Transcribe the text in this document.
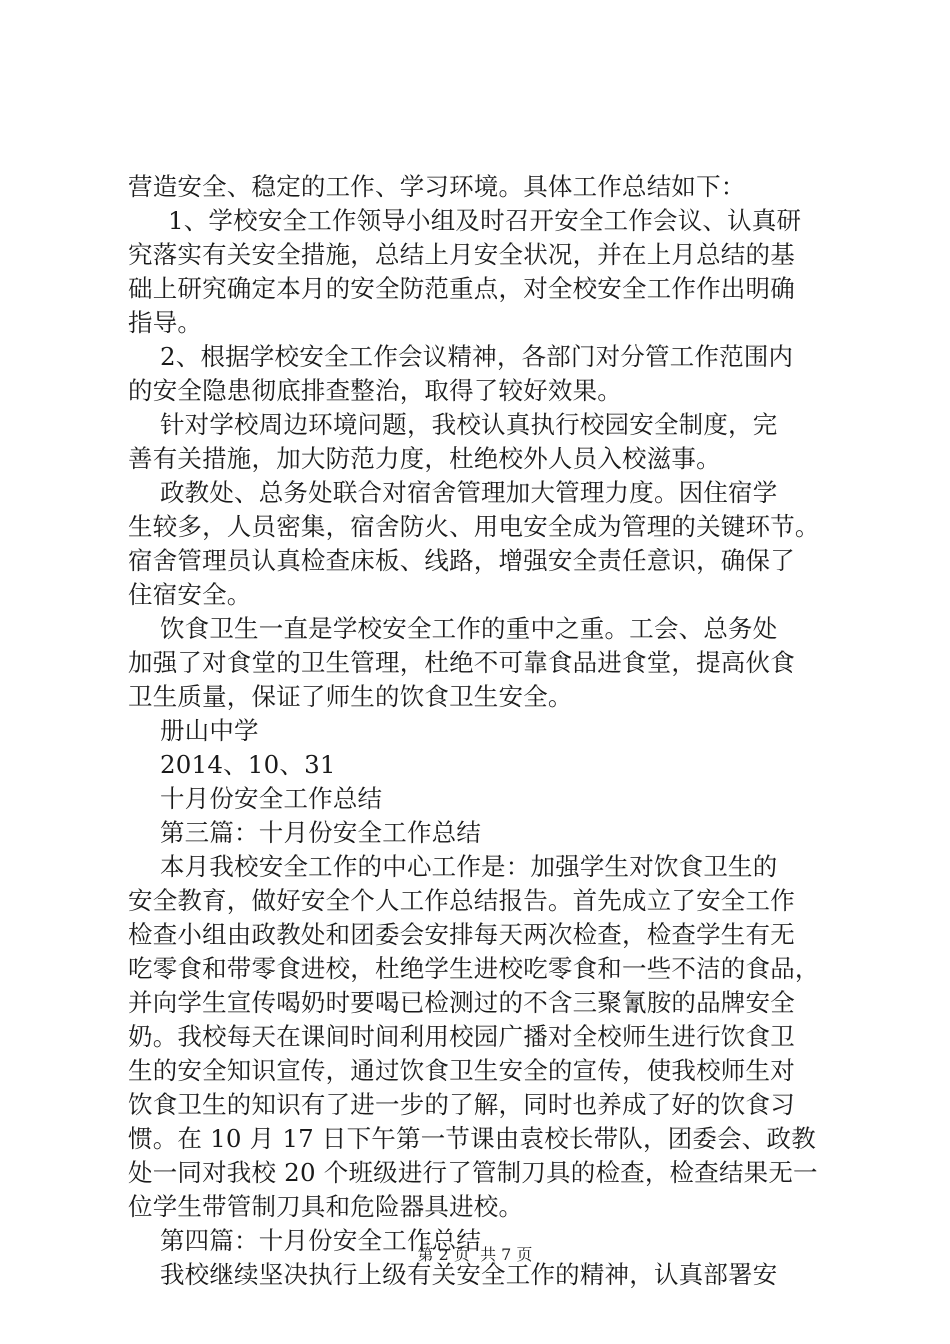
营造安全、稳定的工作、学习环境。具体工作总结如下：
1、学校安全工作领导小组及时召开安全工作会议、认真研
究落实有关安全措施，总结上月安全状况，并在上月总结的基
础上研究确定本月的安全防范重点，对全校安全工作作出明确
指导。
2、根据学校安全工作会议精神，各部门对分管工作范围内
的安全隐患彻底排查整治，取得了较好效果。
针对学校周边环境问题，我校认真执行校园安全制度，完
善有关措施，加大防范力度，杜绝校外人员入校滋事。
政教处、总务处联合对宿舍管理加大管理力度。因住宿学
生较多，人员密集，宿舍防火、用电安全成为管理的关键环节。
宿舍管理员认真检查床板、线路，增强安全责任意识，确保了
住宿安全。
饮食卫生一直是学校安全工作的重中之重。工会、总务处
加强了对食堂的卫生管理，杜绝不可靠食品进食堂，提高伙食
卫生质量，保证了师生的饮食卫生安全。
册山中学
2014、10、31
十月份安全工作总结
第三篇：十月份安全工作总结
本月我校安全工作的中心工作是：加强学生对饮食卫生的
安全教育，做好安全个人工作总结报告。首先成立了安全工作
检查小组由政教处和团委会安排每天两次检查，检查学生有无
吃零食和带零食进校，杜绝学生进校吃零食和一些不洁的食品，
并向学生宣传喝奶时要喝已检测过的不含三聚氰胺的品牌安全
奶。我校每天在课间时间利用校园广播对全校师生进行饮食卫
生的安全知识宣传，通过饮食卫生安全的宣传，使我校师生对
饮食卫生的知识有了进一步的了解，同时也养成了好的饮食习
惯。在 10 月 17 日下午第一节课由袁校长带队，团委会、政教
处一同对我校 20 个班级进行了管制刀具的检查，检查结果无一
位学生带管制刀具和危险器具进校。
第四篇：十月份安全工作总结
我校继续坚决执行上级有关安全工作的精神，认真部署安
第 2 页  共 7 页
